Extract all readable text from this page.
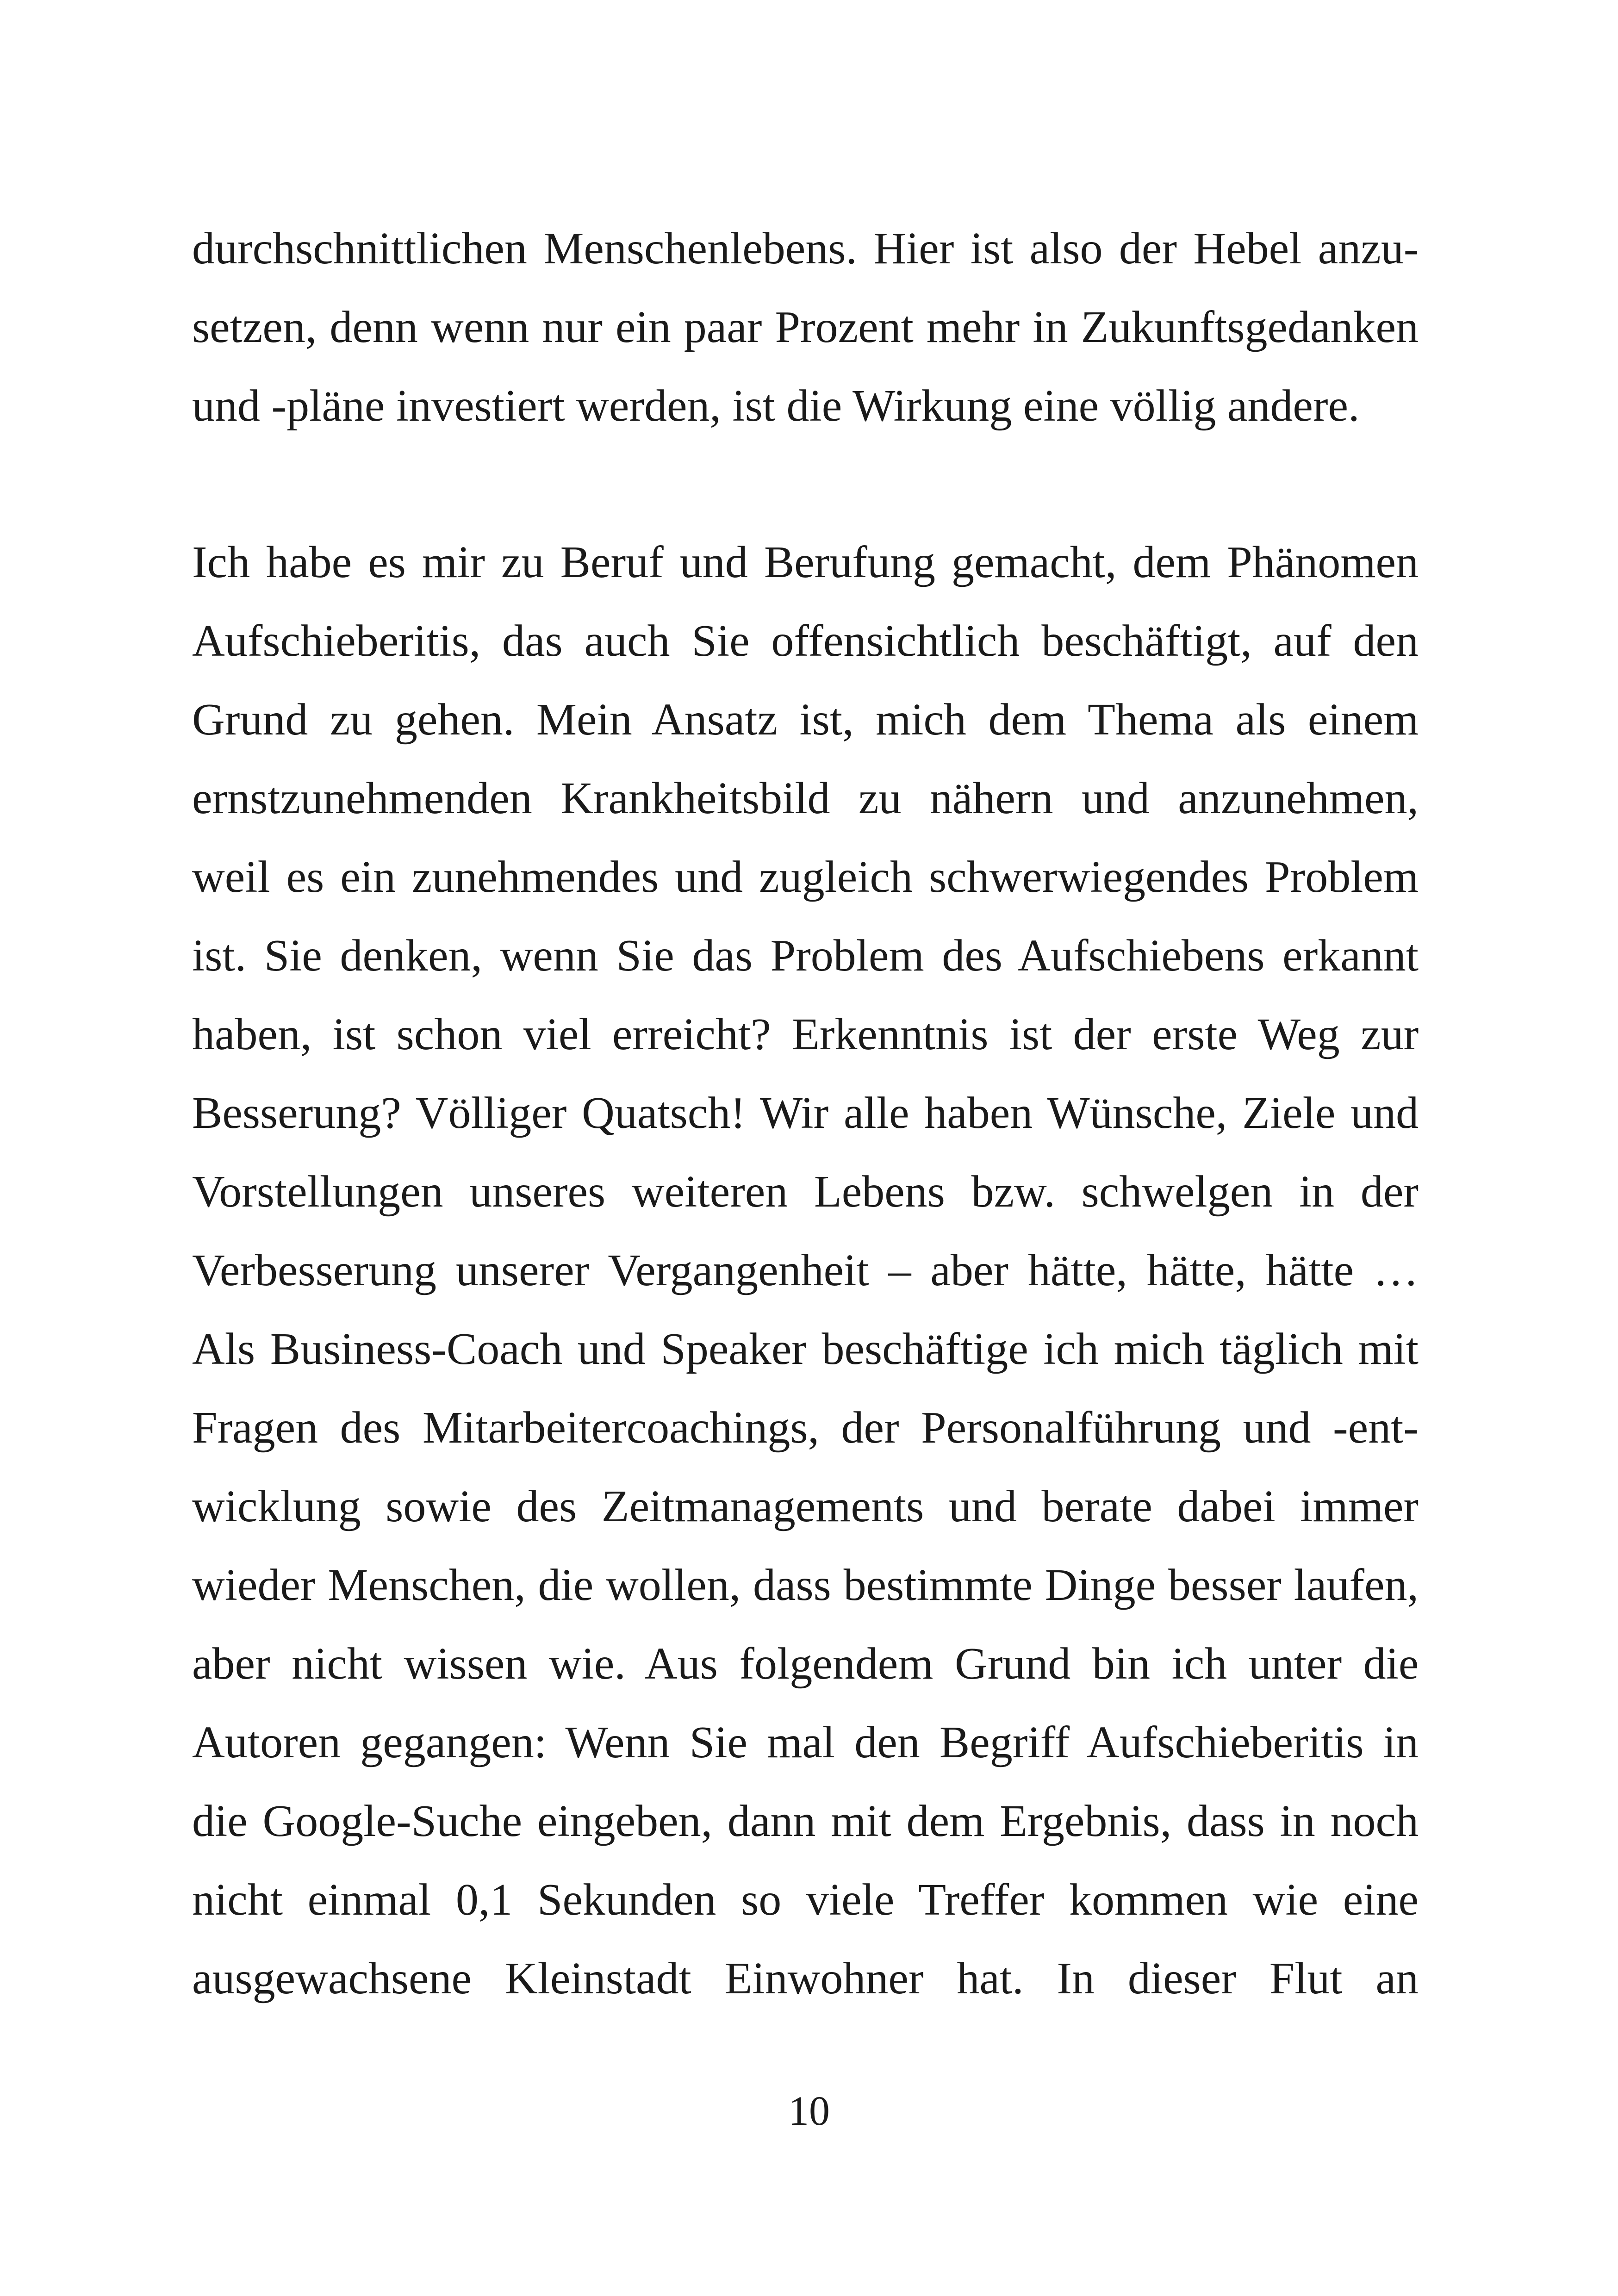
durchschnittlichen Menschenlebens. Hier ist also der Hebel anzu-
setzen, denn wenn nur ein paar Prozent mehr in Zukunftsgedanken
und -pläne investiert werden, ist die Wirkung eine völlig andere.
Ich habe es mir zu Beruf und Berufung gemacht, dem Phänomen
Aufschieberitis, das auch Sie offensichtlich beschäftigt, auf den
Grund zu gehen. Mein Ansatz ist, mich dem Thema als einem
ernstzunehmenden Krankheitsbild zu nähern und anzunehmen,
weil es ein zunehmendes und zugleich schwerwiegendes Problem
ist. Sie denken, wenn Sie das Problem des Aufschiebens erkannt
haben, ist schon viel erreicht? Erkenntnis ist der erste Weg zur
Besserung? Völliger Quatsch! Wir alle haben Wünsche, Ziele und
Vorstellungen unseres weiteren Lebens bzw. schwelgen in der
Verbesserung unserer Vergangenheit – aber hätte, hätte, hätte …
Als Business-Coach und Speaker beschäftige ich mich täglich mit
Fragen des Mitarbeitercoachings, der Personalführung und -ent-
wicklung sowie des Zeitmanagements und berate dabei immer
wieder Menschen, die wollen, dass bestimmte Dinge besser laufen,
aber nicht wissen wie. Aus folgendem Grund bin ich unter die
Autoren gegangen: Wenn Sie mal den Begriff Aufschieberitis in
die Google-Suche eingeben, dann mit dem Ergebnis, dass in noch
nicht einmal 0,1 Sekunden so viele Treffer kommen wie eine
ausgewachsene Kleinstadt Einwohner hat. In dieser Flut an
10
